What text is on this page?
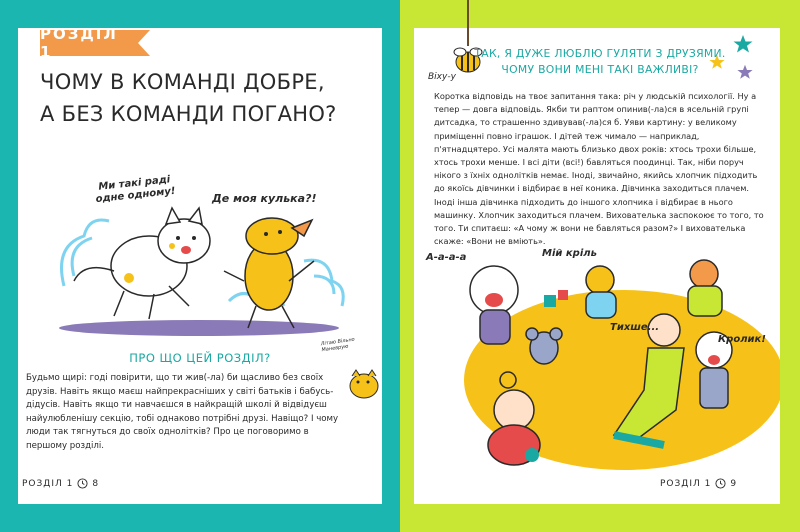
РОЗДІЛ 1
ЧОМУ В КОМАНДІ ДОБРЕ,
А БЕЗ КОМАНДИ ПОГАНО?
Ми такі раді одне одному!	Де моя кулька?!
Літаю Вільно Маневрую
ПРО ЩО ЦЕЙ РОЗДІЛ?
Будьмо щирі: годі повірити, що ти жив(-ла) би щасливо без своїх друзів. Навіть якщо маєш найпрекрасніших у світі батьків і бабусь-дідусів. Навіть якщо ти навчаєшся в найкращій школі й відвідуєш найулюбленішу секцію, тобі однаково потрібні друзі. Навіщо? І чому люди так тягнуться до своїх однолітків? Про це поговоримо в першому розділі.
РОЗДІЛ 1 8
Віху-у
ТАК, Я ДУЖЕ ЛЮБЛЮ ГУЛЯТИ З ДРУЗЯМИ.
ЧОМУ ВОНИ МЕНІ ТАКІ ВАЖЛИВІ?
Коротка відповідь на твоє запитання така: річ у людській психології. Ну а тепер — довга відповідь. Якби ти раптом опинив(-ла)ся в ясельній групі дитсадка, то страшенно здивував(-ла)ся б. Уяви картину: у великому приміщенні повно іграшок. І дітей теж чимало — наприклад, п'ятнадцятеро. Усі малята мають близько двох років: хтось трохи більше, хтось трохи менше. І всі діти (всі!) бавляться поодинці. Так, ніби поруч нікого з їхніх однолітків немає. Іноді, звичайно, якийсь хлопчик підходить до якоїсь дівчинки і відбирає в неї коника. Дівчинка заходиться плачем. Іноді інша дівчинка підходить до іншого хлопчика і відбирає в нього машинку. Хлопчик заходиться плачем. Вихователька заспокоює то того, то того. Ти спитаєш: «А чому ж вони не бавляться разом?» І вихователька скаже: «Вони не вміють».
А-а-а-а	Мій кріль
Тихше...
Кролик!
РОЗДІЛ 1 9
